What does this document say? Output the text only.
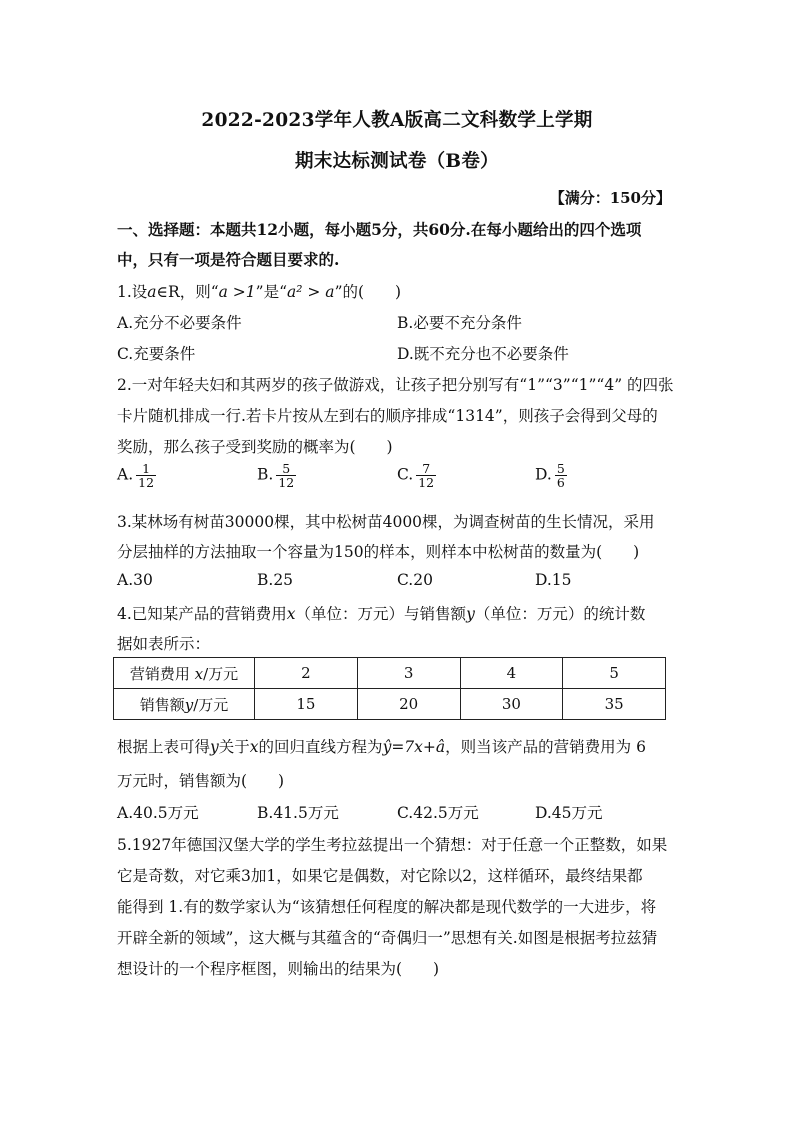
2022-2023学年人教A版高二文科数学上学期
期末达标测试卷（B卷）
【满分：150分】
一、选择题：本题共12小题，每小题5分，共60分.在每小题给出的四个选项
中，只有一项是符合题目要求的.
1.设a∈R，则“a >1”是“a² > a”的(　　)
A.充分不必要条件	B.必要不充分条件
C.充要条件	D.既不充分也不必要条件
2.一对年轻夫妇和其两岁的孩子做游戏，让孩子把分别写有“1”“3”“1”“4” 的四张
卡片随机排成一行.若卡片按从左到右的顺序排成“1314”，则孩子会得到父母的
奖励，那么孩子受到奖励的概率为(　　)
A. $\frac{1}{12}$	B. $\frac{5}{12}$	C. $\frac{7}{12}$	D. $\frac{5}{6}$
3.某林场有树苗30000棵，其中松树苗4000棵，为调查树苗的生长情况，采用
分层抽样的方法抽取一个容量为150的样本，则样本中松树苗的数量为(　　)
A.30	B.25	C.20	D.15
4.已知某产品的营销费用x（单位：万元）与销售额y（单位：万元）的统计数
据如表所示：
营销费用 x/万元	2	3	4	5
销售额y/万元	15	20	30	35
根据上表可得y关于x的回归直线方程为ŷ=7x+â，则当该产品的营销费用为 6
万元时，销售额为(　　)
A.40.5万元	B.41.5万元	C.42.5万元	D.45万元
5.1927年德国汉堡大学的学生考拉兹提出一个猜想：对于任意一个正整数，如果
它是奇数，对它乘3加1，如果它是偶数，对它除以2，这样循环，最终结果都
能得到 1.有的数学家认为“该猜想任何程度的解决都是现代数学的一大进步，将
开辟全新的领域”，这大概与其蕴含的“奇偶归一”思想有关.如图是根据考拉兹猜
想设计的一个程序框图，则输出的结果为(　　)
